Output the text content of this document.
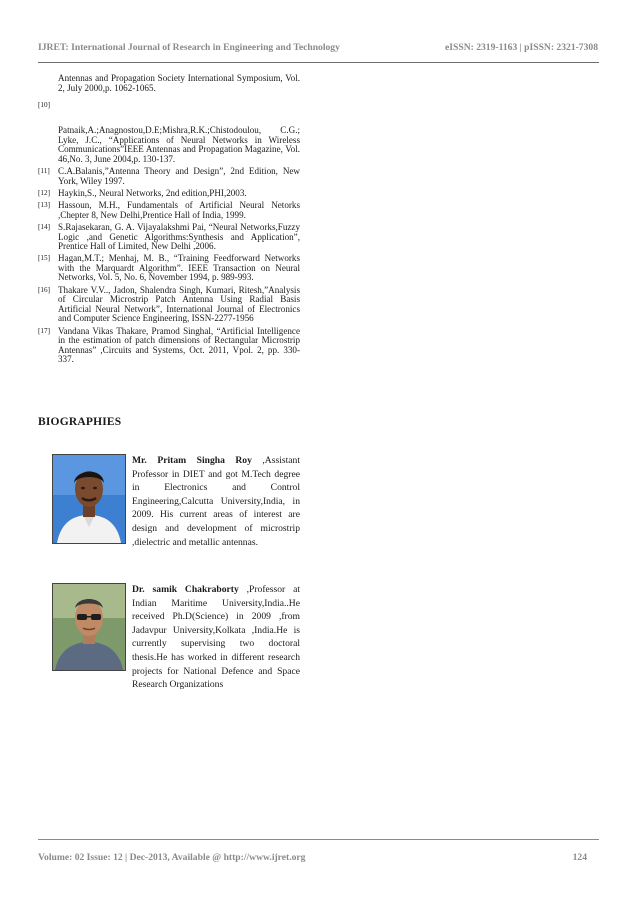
IJRET: International Journal of Research in Engineering and Technology	eISSN: 2319-1163 | pISSN: 2321-7308
Antennas and Propagation Society International Symposium, Vol. 2, July 2000,p. 1062-1065.
[10]
Patnaik,A.;Anagnostou,D.E;Mishra,R.K.;Chistodoulou, C.G.; Lyke, J.C., “Applications of Neural Networks in Wireless Communications”IEEE Antennas and Propagation Magazine, Vol. 46,No. 3, June 2004,p. 130-137.
[11] C.A.Balanis,”Antenna Theory and Design”, 2nd Edition, New York, Wiley 1997.
[12] Haykin,S., Neural Networks, 2nd edition,PHI,2003.
[13] Hassoun, M.H., Fundamentals of Artificial Neural Netorks ,Chepter 8, New Delhi,Prentice Hall of India, 1999.
[14] S.Rajasekaran, G. A. Vijayalakshmi Pai, “Neural Networks,Fuzzy Logic ,and Genetic Algorithms:Synthesis and Application”, Prentice Hall of Limited, New Delhi ,2006.
[15] Hagan,M.T.; Menhaj, M. B., “Training Feedforward Networks with the Marquardt Algorithm”. IEEE Transaction on Neural Networks, Vol. 5, No. 6, November 1994, p. 989-993.
[16] Thakare V.V.., Jadon, Shalendra Singh, Kumari, Ritesh,”Analysis of Circular Microstrip Patch Antenna Using Radial Basis Artificial Neural Network”, International Journal of Electronics and Computer Science Engineering, ISSN-2277-1956
[17] Vandana Vikas Thakare, Pramod Singhal, “Artificial Intelligence in the estimation of patch dimensions of Rectangular Microstrip Antennas” ,Circuits and Systems, Oct. 2011, Vpol. 2, pp. 330-337.
BIOGRAPHIES
Mr. Pritam Singha Roy ,Assistant Professor in DIET and got M.Tech degree in Electronics and Control Engineering,Calcutta University,India, in 2009. His current areas of interest are design and development of microstrip ,dielectric and metallic antennas.
Dr. samik Chakraborty ,Professor at Indian Maritime University,India..He received Ph.D(Science) in 2009 ,from Jadavpur University,Kolkata ,India.He is currently supervising two doctoral thesis.He has worked in different research projects for National Defence and Space Research Organizations
Volume: 02 Issue: 12 | Dec-2013, Available @ http://www.ijret.org	124
